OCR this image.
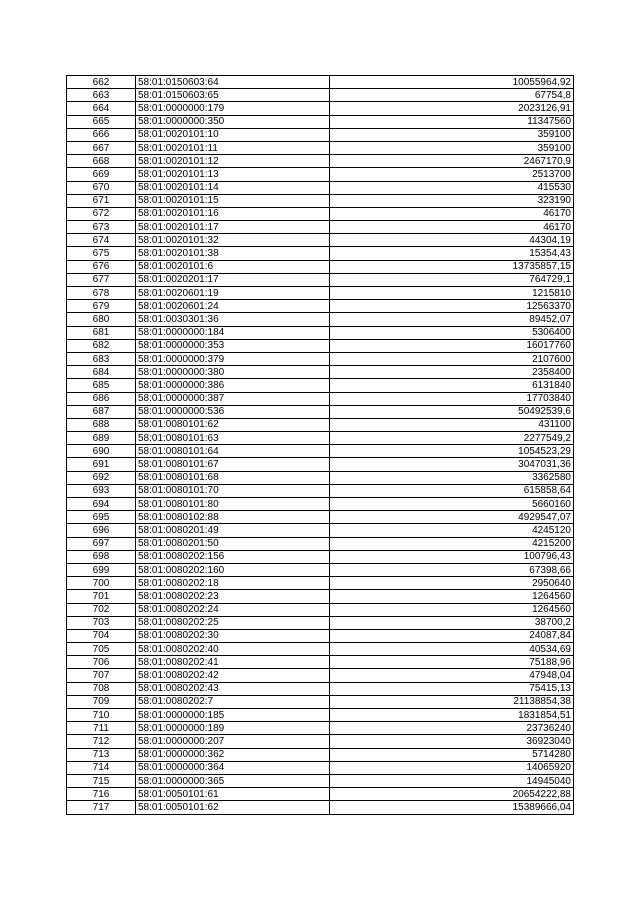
662	58:01:0150603:64	10055964,92
663	58:01:0150603:65	67754,8
664	58:01:0000000:179	2023126,91
665	58:01:0000000:350	11347560
666	58:01:0020101:10	359100
667	58:01:0020101:11	359100
668	58:01:0020101:12	2467170,9
669	58:01:0020101:13	2513700
670	58:01:0020101:14	415530
671	58:01:0020101:15	323190
672	58:01:0020101:16	46170
673	58:01:0020101:17	46170
674	58:01:0020101:32	44304,19
675	58:01:0020101:38	15354,43
676	58:01:0020101:6	13735857,15
677	58:01:0020201:17	764729,1
678	58:01:0020601:19	1215810
679	58:01:0020601:24	12563370
680	58:01:0030301:36	89452,07
681	58:01:0000000:184	5306400
682	58:01:0000000:353	16017760
683	58:01:0000000:379	2107600
684	58:01:0000000:380	2358400
685	58:01:0000000:386	6131840
686	58:01:0000000:387	17703840
687	58:01:0000000:536	50492539,6
688	58:01:0080101:62	431100
689	58:01:0080101:63	2277549,2
690	58:01:0080101:64	1054523,29
691	58:01:0080101:67	3047031,36
692	58:01:0080101:68	3362580
693	58:01:0080101:70	615858,64
694	58:01:0080101:80	5660160
695	58:01:0080102:88	4929547,07
696	58:01:0080201:49	4245120
697	58:01:0080201:50	4215200
698	58:01:0080202:156	100796,43
699	58:01:0080202:160	67398,66
700	58:01:0080202:18	2950640
701	58:01:0080202:23	1264560
702	58:01:0080202:24	1264560
703	58:01:0080202:25	38700,2
704	58:01:0080202:30	24087,84
705	58:01:0080202:40	40534,69
706	58:01:0080202:41	75188,96
707	58:01:0080202:42	47948,04
708	58:01:0080202:43	75415,13
709	58:01:0080202:7	21138854,38
710	58:01:0000000:185	1831854,51
711	58:01:0000000:189	23736240
712	58:01:0000000:207	36923040
713	58:01:0000000:362	5714280
714	58:01:0000000:364	14065920
715	58:01:0000000:365	14945040
716	58:01:0050101:61	20654222,88
717	58:01:0050101:62	15389666,04
